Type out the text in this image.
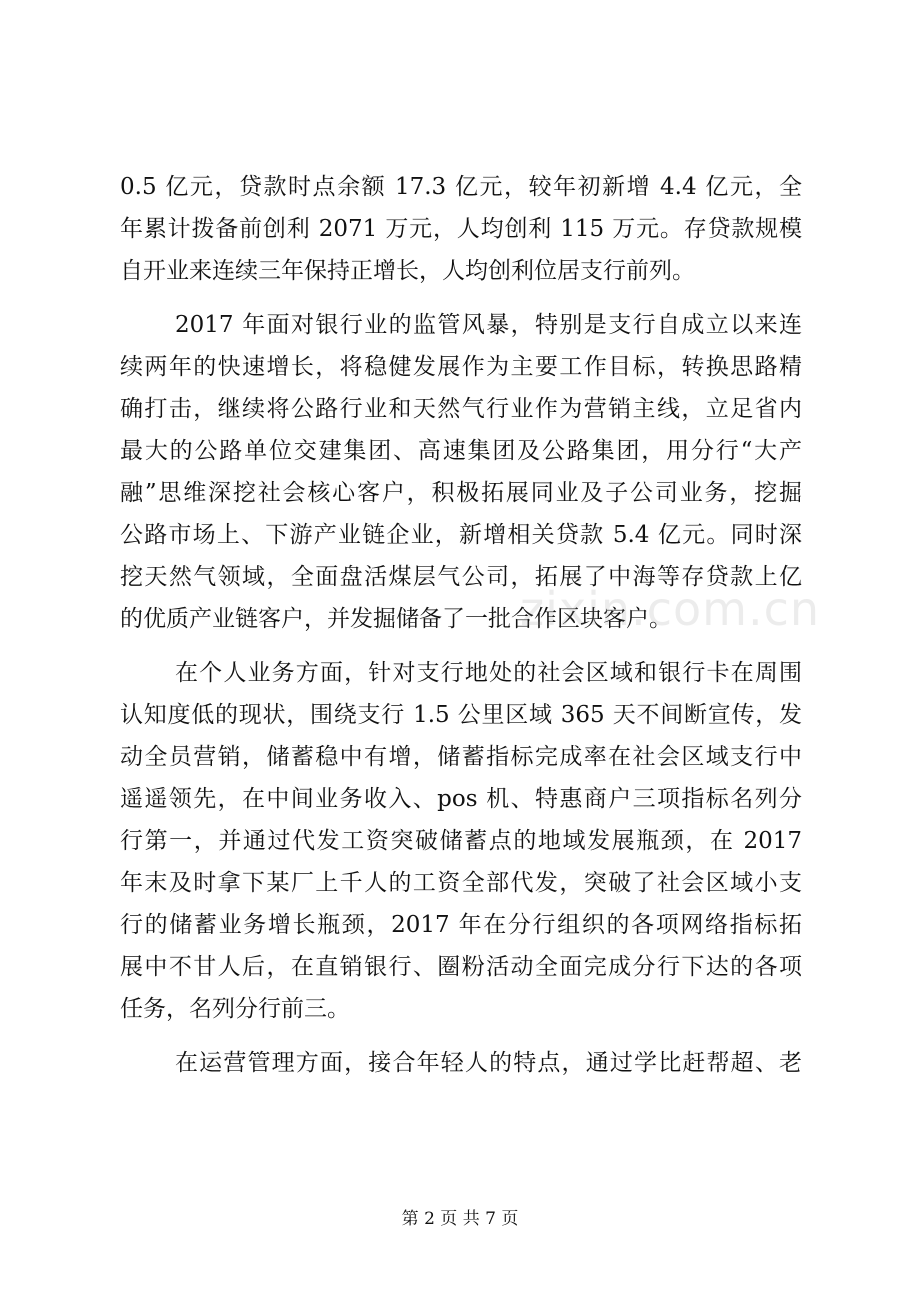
0.5 亿元，贷款时点余额 17.3 亿元，较年初新增 4.4 亿元，全
年累计拨备前创利 2071 万元，人均创利 115 万元。存贷款规模
自开业来连续三年保持正增长，人均创利位居支行前列。
2017 年面对银行业的监管风暴，特别是支行自成立以来连
续两年的快速增长，将稳健发展作为主要工作目标，转换思路精
确打击，继续将公路行业和天然气行业作为营销主线，立足省内
最大的公路单位交建集团、高速集团及公路集团，用分行“大产
融”思维深挖社会核心客户，积极拓展同业及子公司业务，挖掘
公路市场上、下游产业链企业，新增相关贷款 5.4 亿元。同时深
挖天然气领域，全面盘活煤层气公司，拓展了中海等存贷款上亿
的优质产业链客户，并发掘储备了一批合作区块客户。
在个人业务方面，针对支行地处的社会区域和银行卡在周围
认知度低的现状，围绕支行 1.5 公里区域 365 天不间断宣传，发
动全员营销，储蓄稳中有增，储蓄指标完成率在社会区域支行中
遥遥领先，在中间业务收入、pos 机、特惠商户三项指标名列分
行第一，并通过代发工资突破储蓄点的地域发展瓶颈，在 2017
年末及时拿下某厂上千人的工资全部代发，突破了社会区域小支
行的储蓄业务增长瓶颈，2017 年在分行组织的各项网络指标拓
展中不甘人后，在直销银行、圈粉活动全面完成分行下达的各项
任务，名列分行前三。
在运营管理方面，接合年轻人的特点，通过学比赶帮超、老
zixin.com.cn
第 2 页 共 7 页
